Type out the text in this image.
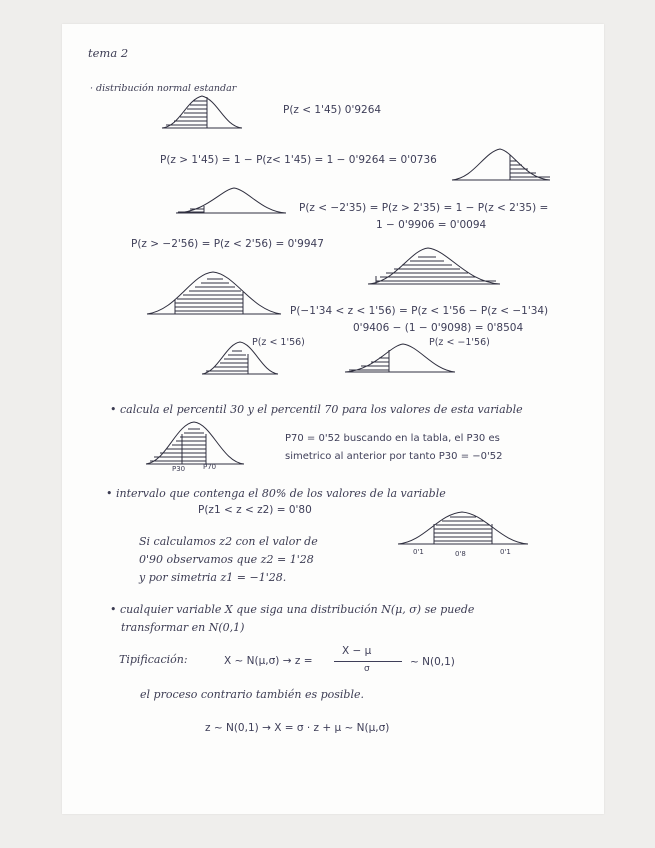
tema 2
· distribución normal estandar
P(z < 1'45) 0'9264
P(z > 1'45) = 1 − P(z< 1'45) = 1 − 0'9264 = 0'0736
P(z < −2'35) = P(z > 2'35) = 1 − P(z < 2'35) =
1 − 0'9906 = 0'0094
P(z > −2'56) = P(z < 2'56) = 0'9947
P(−1'34 < z < 1'56) = P(z < 1'56 − P(z < −1'34)
0'9406 − (1 − 0'9098) = 0'8504
P(z < 1'56)	P(z < −1'56)
• calcula el percentil 30 y el percentil 70 para los valores de esta variable
P30	P70
P70 = 0'52 buscando en la tabla, el P30 es
simetrico al anterior por tanto P30 = −0'52
• intervalo que contenga el 80% de los valores de la variable
P(z1 < z < z2) = 0'80
Si calculamos z2 con el valor de
0'90 observamos que z2 = 1'28
y por simetria z1 = −1'28.
0'1	0'8	0'1
• cualquier variable X que siga una distribución N(μ, σ) se puede
transformar en N(0,1)
Tipificación:	X ~ N(μ,σ) → z =
X − μ
σ
~ N(0,1)
el proceso contrario también es posible.
z ~ N(0,1) → X = σ · z + μ ~ N(μ,σ)
